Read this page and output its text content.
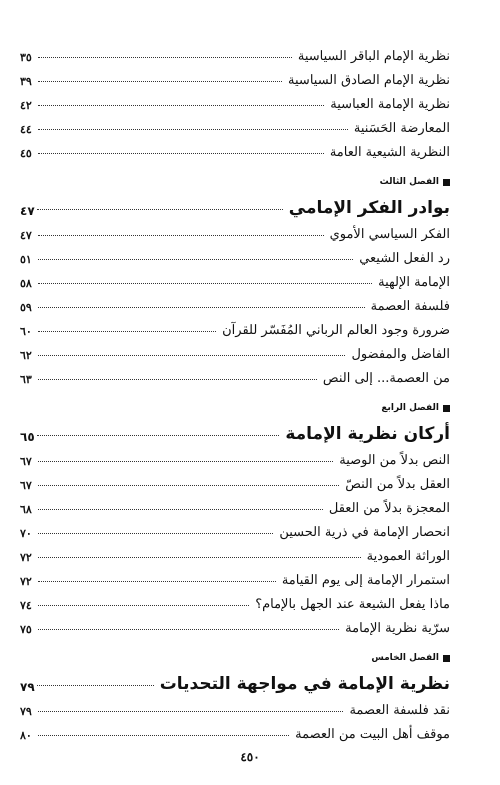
نظرية الإمام الباقر السياسية
٣٥
نظرية الإمام الصادق السياسية
٣٩
نظرية الإمامة العباسية
٤٢
المعارضة الحَسَنية
٤٤
النظرية الشيعية العامة
٤٥
الفصل الثالث
بوادر الفكر الإمامي
٤٧
الفكر السياسي الأموي
٤٧
رد الفعل الشيعي
٥١
الإمامة الإلهية
٥٨
فلسفة العصمة
٥٩
ضرورة وجود العالم الرباني المُفَسّر للقرآن
٦٠
الفاضل والمفضول
٦٢
من العصمة... إلى النص
٦٣
الفصل الرابع
أركان نظرية الإمامة
٦٥
النص بدلاً من الوصية
٦٧
العقل بدلاً من النصّ
٦٧
المعجزة بدلاً من العقل
٦٨
انحصار الإمامة في ذرية الحسين
٧٠
الوراثة العمودية
٧٢
استمرار الإمامة إلى يوم القيامة
٧٢
ماذا يفعل الشيعة عند الجهل بالإمام؟
٧٤
سرّية نظرية الإمامة
٧٥
الفصل الخامس
نظرية الإمامة في مواجهة التحديات
٧٩
نقد فلسفة العصمة
٧٩
موقف أهل البيت من العصمة
٨٠
٤٥٠
